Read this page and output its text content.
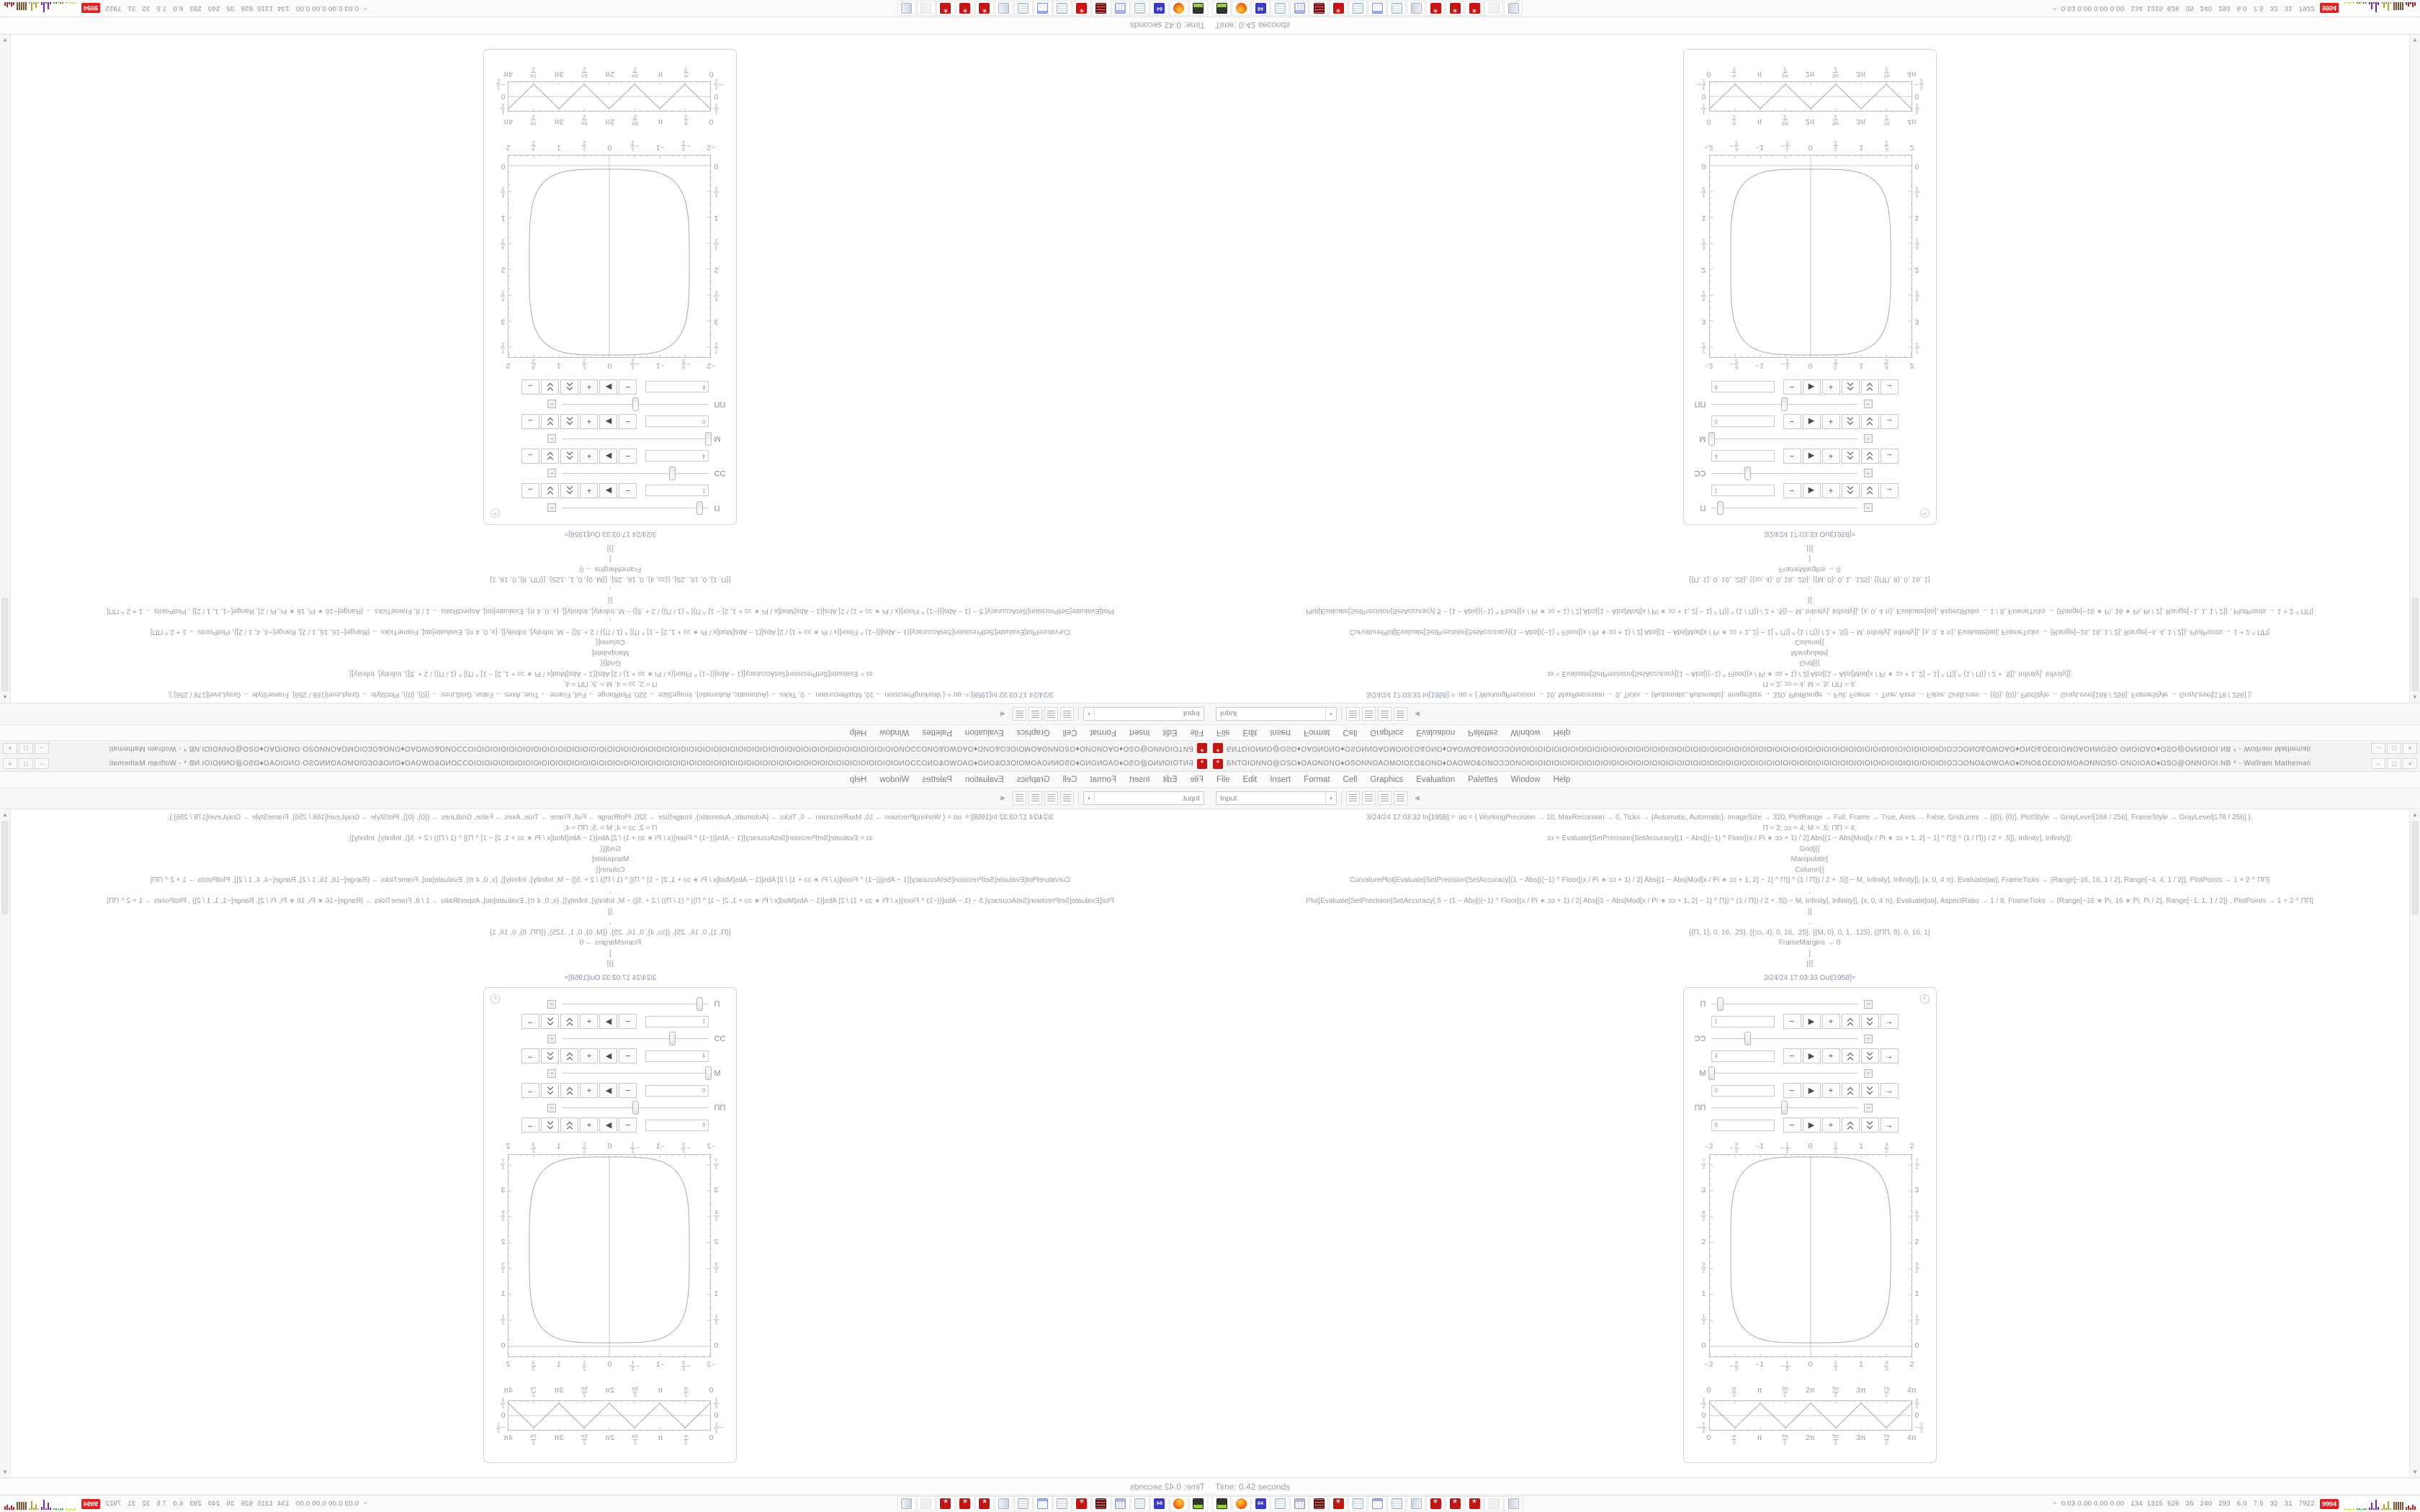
* ƂNTOIONNO@OSO♦OAONONO♦OSONNOAOMOIOƐO&ONO♦OAOWO&ONOƆƆONOIOIOIOIOIOIOIOIOIOIOIOIOIOIOIOIOIOIOIOIOIOIOIOIOIOIOIOIOIOIOIOIOIOIOIOIOIOIOIOIOIOIOIOIOIOIOIOIOIOIOIOIOƆƆONO&OWOAO♦ONO&OƐOIOMOAONNOSO·ONOIOAO♦OSO@ONNOIOI.NB * - Wolfram Mathemati	–	□	×
File Edit Insert Format Cell Graphics Evaluation Palettes Window Help
Input	▾	◀
3/24/24 17:03:32 In[1958]:=  ɑɑ = { WorkingPrecision → 10, MaxRecursion → 0, Ticks → {Automatic, Automatic}, ImageSize → 320, PlotRange → Full, Frame → True, Axes → False, GridLines → {{0}, {0}}, PlotStyle → GrayLevel[168 / 256], FrameStyle → GrayLevel[178 / 256] };
Π = 2; ɔɔ = 4; M = .5; ΠΠ = 4;
ɜɜ = Evaluate[SetPrecision[SetAccuracy[(1 − Abs[((−1) ^ Floor[(x / Pi ∗ ɔɔ + 1) / 2] Abs[(1 − Abs[Mod[x / Pi ∗ ɔɔ + 1, 2] − 1] ^ Π)] ^ (1 / Π)) / 2 + .5]), Infinity], Infinity]];
Grid[{{
Manipulate[
Column[{
CurvaturePlot[Evaluate[SetPrecision[SetAccuracy[(1 − Abs[((−1) ^ Floor[(x / Pi ∗ ɔɔ + 1) / 2] Abs[(1 − Abs[Mod[x / Pi ∗ ɔɔ + 1, 2] − 1] ^ Π)] ^ (1 / Π)) / 2 + .5]) − M, Infinity], Infinity]], {x, 0, 4 π}, Evaluate[ɑɑ], FrameTicks → {Range[−16, 16, 1 / 2], Range[−4, 4, 1 / 2]}, PlotPoints → 1 + 2 ^ ΠΠ]
,
Plot[Evaluate[SetPrecision[SetAccuracy[.5 − (1 − Abs[((−1) ^ Floor[(x / Pi ∗ ɔɔ + 1) / 2] Abs[(1 − Abs[Mod[x / Pi ∗ ɔɔ + 1, 2] − 1] ^ Π)] ^ (1 / Π)) / 2 + .5]) − M, Infinity], Infinity]], {x, 0, 4 π}, Evaluate[ɑɑ], AspectRatio → 1 / 8, FrameTicks → {Range[−16 ∗ Pi, 16 ∗ Pi, Pi / 2], Range[−1, 1, 1 / 2]} , PlotPoints → 1 + 2 ^ ΠΠ]
}]
,
{{Π, 1}, 0, 16, .25}, {{ɔɔ, 4}, 0, 16, .25}, {{M, 0}, 0, 1, .125}, {{ΠΠ, 8}, 0, 16, 1}
FrameMargins → 0
]
}}]
3/24/24 17:03:33 Out[1958]=
+
Π	−
1	−	▶	+	→
ƆƆ	−
4	−	▶	+	→
M	−
0	−	▶	+	→
ΠΠ	−
8	−	▶	+	→
−2
−2
− $\frac{3}{2}$
− $\frac{3}{2}$
−1
−1
− $\frac{1}{2}$
− $\frac{1}{2}$
0
0
$\frac{1}{2}$
$\frac{1}{2}$
1
1
$\frac{3}{2}$
$\frac{3}{2}$
2
2
0	0
$\frac{1}{2}$	$\frac{1}{2}$
1	1
$\frac{3}{2}$	$\frac{3}{2}$
2	2
$\frac{5}{2}$	$\frac{5}{2}$
3	3
$\frac{7}{2}$	$\frac{7}{2}$
0
0
$\frac{\pi}{2}$
$\frac{\pi}{2}$
π
π
$\frac{3\pi}{2}$
$\frac{3\pi}{2}$
2π
2π
$\frac{5\pi}{2}$
$\frac{5\pi}{2}$
3π
3π
$\frac{7\pi}{2}$
$\frac{7\pi}{2}$
4π
4π
$\frac{1}{2}$	$\frac{1}{2}$
0	0
− $\frac{1}{2}$	− $\frac{1}{2}$
▲
▼
Time: 0.42 seconds
64 * * * *	^ 0.03 0.00 0.00 0.00   134  1315  626   35   240   293   6.0   7.5   32   31   7922	9994
*
ƂNTOIONNO@OSO♦OAONONO♦OSONNOAOMOIOƐO&ONO♦OAOWO&ONOƆƆONOIOIOIOIOIOIOIOIOIOIOIOIOIOIOIOIOIOIOIOIOIOIOIOIOIOIOIOIOIOIOIOIOIOIOIOIOIOIOIOIOIOIOIOIOIOIOIOIOIOIOIOIOƆƆONO&OWOAO♦ONO&OƐOIOMOAONNOSO·ONOIOAO♦OSO@ONNOIOI.NB * - Wolfram Mathemati
–
□
×
File
Edit
Insert
Format
Cell
Graphics
Evaluation
Palettes
Window
Help
Input
▾
◀
3/24/24 17:03:32 In[1958]:= ɑɑ = { WorkingPrecision → 10, MaxRecursion → 0, Ticks → {Automatic, Automatic}, ImageSize → 320, PlotRange → Full, Frame → True, Axes → False, GridLines → {{0}, {0}}, PlotStyle → GrayLevel[168 / 256], FrameStyle → GrayLevel[178 / 256] };
Π = 2; ɔɔ = 4; M = .5; ΠΠ = 4;
ɜɜ = Evaluate[SetPrecision[SetAccuracy[(1 − Abs[((−1) ^ Floor[(x / Pi ∗ ɔɔ + 1) / 2] Abs[(1 − Abs[Mod[x / Pi ∗ ɔɔ + 1, 2] − 1] ^ Π)] ^ (1 / Π)) / 2 + .5]), Infinity], Infinity]];
Grid[{{
Manipulate[
Column[{
CurvaturePlot[Evaluate[SetPrecision[SetAccuracy[(1 − Abs[((−1) ^ Floor[(x / Pi ∗ ɔɔ + 1) / 2] Abs[(1 − Abs[Mod[x / Pi ∗ ɔɔ + 1, 2] − 1] ^ Π)] ^ (1 / Π)) / 2 + .5]) − M, Infinity], Infinity]], {x, 0, 4 π}, Evaluate[ɑɑ], FrameTicks → {Range[−16, 16, 1 / 2], Range[−4, 4, 1 / 2]}, PlotPoints → 1 + 2 ^ ΠΠ]
,
Plot[Evaluate[SetPrecision[SetAccuracy[.5 − (1 − Abs[((−1) ^ Floor[(x / Pi ∗ ɔɔ + 1) / 2] Abs[(1 − Abs[Mod[x / Pi ∗ ɔɔ + 1, 2] − 1] ^ Π)] ^ (1 / Π)) / 2 + .5]) − M, Infinity], Infinity]], {x, 0, 4 π}, Evaluate[ɑɑ], AspectRatio → 1 / 8, FrameTicks → {Range[−16 ∗ Pi, 16 ∗ Pi, Pi / 2], Range[−1, 1, 1 / 2]} , PlotPoints → 1 + 2 ^ ΠΠ]
}]
,
{{Π, 1}, 0, 16, .25}, {{ɔɔ, 4}, 0, 16, .25}, {{M, 0}, 0, 1, .125}, {{ΠΠ, 8}, 0, 16, 1}
FrameMargins → 0
]
}}]
3/24/24 17:03:33 Out[1958]=
+
Π
−
1
−
▶
+
→
ƆƆ
−
4
−
▶
+
→
M
−
0
−
▶
+
→
ΠΠ
−
8
−
▶
+
→
−2
−2
−
$\frac{3}{2}$
−
$\frac{3}{2}$
−1
−1
−
$\frac{1}{2}$
−
$\frac{1}{2}$
0
0
$\frac{1}{2}$
$\frac{1}{2}$
1
1
$\frac{3}{2}$
$\frac{3}{2}$
2
2
0
0
$\frac{1}{2}$
$\frac{1}{2}$
1
1
$\frac{3}{2}$
$\frac{3}{2}$
2
2
$\frac{5}{2}$
$\frac{5}{2}$
3
3
$\frac{7}{2}$
$\frac{7}{2}$
0
0
$\frac{\pi}{2}$
$\frac{\pi}{2}$
π
π
$\frac{3\pi}{2}$
$\frac{3\pi}{2}$
2π
2π
$\frac{5\pi}{2}$
$\frac{5\pi}{2}$
3π
3π
$\frac{7\pi}{2}$
$\frac{7\pi}{2}$
4π
4π
$\frac{1}{2}$
$\frac{1}{2}$
0
0
−
$\frac{1}{2}$
−
$\frac{1}{2}$
▲
▼
Time: 0.42 seconds
64
*
*
*
*
^
0.03 0.00 0.00 0.00   134  1315  626   35   240   293   6.0   7.5   32   31   7922
9994
* ƂNTOIONNO@OSO♦OAONONO♦OSONNOAOMOIOƐO&ONO♦OAOWO&ONOƆƆONOIOIOIOIOIOIOIOIOIOIOIOIOIOIOIOIOIOIOIOIOIOIOIOIOIOIOIOIOIOIOIOIOIOIOIOIOIOIOIOIOIOIOIOIOIOIOIOIOIOIOIOIOƆƆONO&OWOAO♦ONO&OƐOIOMOAONNOSO·ONOIOAO♦OSO@ONNOIOI.NB * - Wolfram Mathemati	–	□	×
File Edit Insert Format Cell Graphics Evaluation Palettes Window Help
Input	▾	◀
3/24/24 17:03:32 In[1958]:=  ɑɑ = { WorkingPrecision → 10, MaxRecursion → 0, Ticks → {Automatic, Automatic}, ImageSize → 320, PlotRange → Full, Frame → True, Axes → False, GridLines → {{0}, {0}}, PlotStyle → GrayLevel[168 / 256], FrameStyle → GrayLevel[178 / 256] };
Π = 2; ɔɔ = 4; M = .5; ΠΠ = 4;
ɜɜ = Evaluate[SetPrecision[SetAccuracy[(1 − Abs[((−1) ^ Floor[(x / Pi ∗ ɔɔ + 1) / 2] Abs[(1 − Abs[Mod[x / Pi ∗ ɔɔ + 1, 2] − 1] ^ Π)] ^ (1 / Π)) / 2 + .5]), Infinity], Infinity]];
Grid[{{
Manipulate[
Column[{
CurvaturePlot[Evaluate[SetPrecision[SetAccuracy[(1 − Abs[((−1) ^ Floor[(x / Pi ∗ ɔɔ + 1) / 2] Abs[(1 − Abs[Mod[x / Pi ∗ ɔɔ + 1, 2] − 1] ^ Π)] ^ (1 / Π)) / 2 + .5]) − M, Infinity], Infinity]], {x, 0, 4 π}, Evaluate[ɑɑ], FrameTicks → {Range[−16, 16, 1 / 2], Range[−4, 4, 1 / 2]}, PlotPoints → 1 + 2 ^ ΠΠ]
,
Plot[Evaluate[SetPrecision[SetAccuracy[.5 − (1 − Abs[((−1) ^ Floor[(x / Pi ∗ ɔɔ + 1) / 2] Abs[(1 − Abs[Mod[x / Pi ∗ ɔɔ + 1, 2] − 1] ^ Π)] ^ (1 / Π)) / 2 + .5]) − M, Infinity], Infinity]], {x, 0, 4 π}, Evaluate[ɑɑ], AspectRatio → 1 / 8, FrameTicks → {Range[−16 ∗ Pi, 16 ∗ Pi, Pi / 2], Range[−1, 1, 1 / 2]} , PlotPoints → 1 + 2 ^ ΠΠ]
}]
,
{{Π, 1}, 0, 16, .25}, {{ɔɔ, 4}, 0, 16, .25}, {{M, 0}, 0, 1, .125}, {{ΠΠ, 8}, 0, 16, 1}
FrameMargins → 0
]
}}]
3/24/24 17:03:33 Out[1958]=
+
Π	−
1	−	▶	+	→
ƆƆ	−
4	−	▶	+	→
M	−
0	−	▶	+	→
ΠΠ	−
8	−	▶	+	→
−2
−2
− 3
2
− 3
2
−1
−1
− 1
2
− 1
2
0
0
1
2
1
2
1
1
3
2
3
2
2
2
0	0
1
2
1
2
1	1
3
2
3
2
2	2
5
2
5
2
3	3
7
2
7
2
0
0
π
2
π
2
π
π
3π
2
3π
2
2π
2π
5π
2
5π
2
3π
3π
7π
2
7π
2
4π
4π
1
2
1
2
0	0
− 1
2	− 1
2
▲
▼
Time: 0.42 seconds
64 * * * *	^ 0.03 0.00 0.00 0.00   134  1315  626   35   240   293   6.0   7.5   32   31   7922	9994
*
ƂNTOIONNO@OSO♦OAONONO♦OSONNOAOMOIOƐO&ONO♦OAOWO&ONOƆƆONOIOIOIOIOIOIOIOIOIOIOIOIOIOIOIOIOIOIOIOIOIOIOIOIOIOIOIOIOIOIOIOIOIOIOIOIOIOIOIOIOIOIOIOIOIOIOIOIOIOIOIOIOƆƆONO&OWOAO♦ONO&OƐOIOMOAONNOSO·ONOIOAO♦OSO@ONNOIOI.NB * - Wolfram Mathemati
–
□
×
File
Edit
Insert
Format
Cell
Graphics
Evaluation
Palettes
Window
Help
Input
▾
◀
3/24/24 17:03:32 In[1958]:= ɑɑ = { WorkingPrecision → 10, MaxRecursion → 0, Ticks → {Automatic, Automatic}, ImageSize → 320, PlotRange → Full, Frame → True, Axes → False, GridLines → {{0}, {0}}, PlotStyle → GrayLevel[168 / 256], FrameStyle → GrayLevel[178 / 256] };
Π = 2; ɔɔ = 4; M = .5; ΠΠ = 4;
ɜɜ = Evaluate[SetPrecision[SetAccuracy[(1 − Abs[((−1) ^ Floor[(x / Pi ∗ ɔɔ + 1) / 2] Abs[(1 − Abs[Mod[x / Pi ∗ ɔɔ + 1, 2] − 1] ^ Π)] ^ (1 / Π)) / 2 + .5]), Infinity], Infinity]];
Grid[{{
Manipulate[
Column[{
CurvaturePlot[Evaluate[SetPrecision[SetAccuracy[(1 − Abs[((−1) ^ Floor[(x / Pi ∗ ɔɔ + 1) / 2] Abs[(1 − Abs[Mod[x / Pi ∗ ɔɔ + 1, 2] − 1] ^ Π)] ^ (1 / Π)) / 2 + .5]) − M, Infinity], Infinity]], {x, 0, 4 π}, Evaluate[ɑɑ], FrameTicks → {Range[−16, 16, 1 / 2], Range[−4, 4, 1 / 2]}, PlotPoints → 1 + 2 ^ ΠΠ]
,
Plot[Evaluate[SetPrecision[SetAccuracy[.5 − (1 − Abs[((−1) ^ Floor[(x / Pi ∗ ɔɔ + 1) / 2] Abs[(1 − Abs[Mod[x / Pi ∗ ɔɔ + 1, 2] − 1] ^ Π)] ^ (1 / Π)) / 2 + .5]) − M, Infinity], Infinity]], {x, 0, 4 π}, Evaluate[ɑɑ], AspectRatio → 1 / 8, FrameTicks → {Range[−16 ∗ Pi, 16 ∗ Pi, Pi / 2], Range[−1, 1, 1 / 2]} , PlotPoints → 1 + 2 ^ ΠΠ]
}]
,
{{Π, 1}, 0, 16, .25}, {{ɔɔ, 4}, 0, 16, .25}, {{M, 0}, 0, 1, .125}, {{ΠΠ, 8}, 0, 16, 1}
FrameMargins → 0
]
}}]
3/24/24 17:03:33 Out[1958]=
+
Π
−
1
−
▶
+
→
ƆƆ
−
4
−
▶
+
→
M
−
0
−
▶
+
→
ΠΠ
−
8
−
▶
+
→
−2
−2
−
3
2
−
3
2
−1
−1
−
1
2
−
1
2
0
0
1
2
1
2
1
1
3
2
3
2
2
2
0
0
1
2
1
2
1
1
3
2
3
2
2
2
5
2
5
2
3
3
7
2
7
2
0
0
π
2
π
2
π
π
3π
2
3π
2
2π
2π
5π
2
5π
2
3π
3π
7π
2
7π
2
4π
4π
1
2
1
2
0
0
−
1
2
−
1
2
▲
▼
Time: 0.42 seconds
64
*
*
*
*
^
0.03 0.00 0.00 0.00   134  1315  626   35   240   293   6.0   7.5   32   31   7922
9994
